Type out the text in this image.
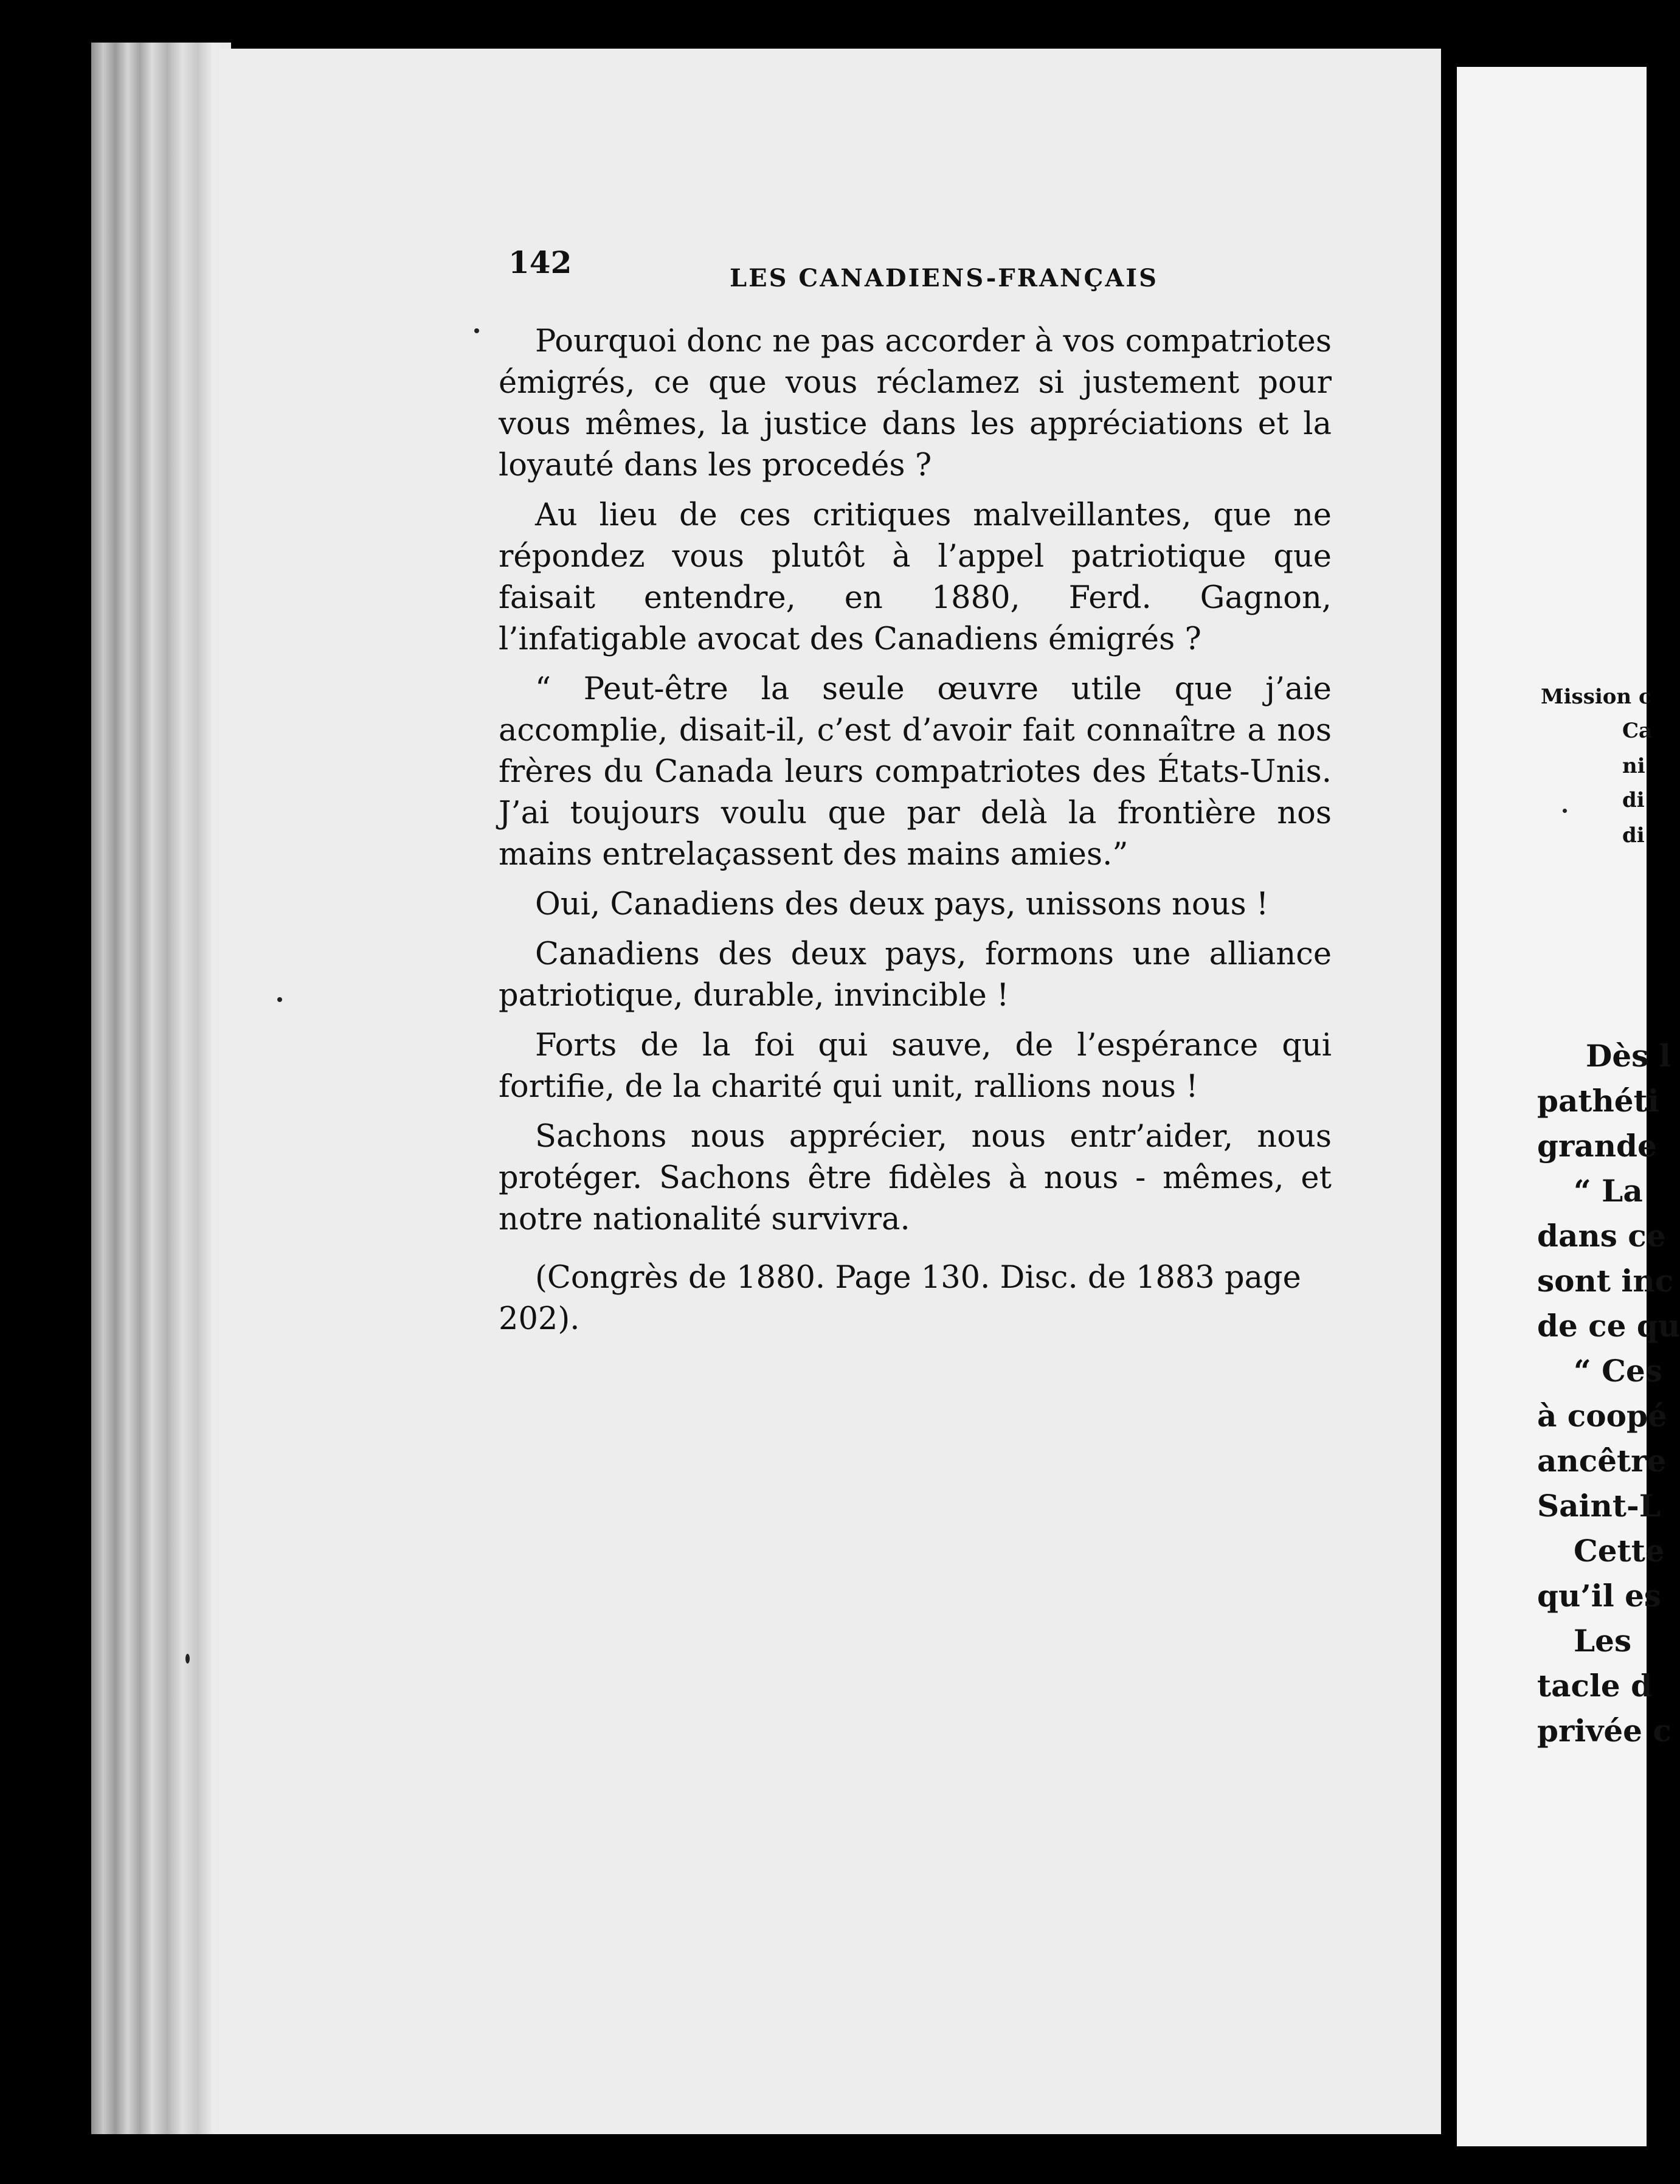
Mission c
Ca
ni
di
di
Dès l
pathéti
grande
“ La
dans ce
sont inc
de ce qu
“ Ces
à coopé
ancêtre
Saint-L
Cette
qu’il es
Les
tacle d
privée c
142	LES CANADIENS-FRANÇAIS

Pourquoi donc ne pas accorder à vos compatriotes émigrés, ce que vous réclamez si justement pour vous mêmes, la justice dans les appréciations et la loyauté dans les procedés ?

Au lieu de ces critiques malveillantes, que ne répondez vous plutôt à l’appel patriotique que faisait entendre, en 1880, Ferd. Gagnon, l’infatigable avocat des Canadiens émigrés ?

“ Peut-être la seule œuvre utile que j’aie accomplie, disait-il, c’est d’avoir fait connaître a nos frères du Canada leurs compatriotes des États-Unis. J’ai toujours voulu que par delà la frontière nos mains entrelaçassent des mains amies.”

Oui, Canadiens des deux pays, unissons nous !

Canadiens des deux pays, formons une alliance patriotique, durable, invincible !

Forts de la foi qui sauve, de l’espérance qui fortifie, de la charité qui unit, rallions nous !

Sachons nous apprécier, nous entr’aider, nous protéger. Sachons être fidèles à nous - mêmes, et notre nationalité survivra.

(Congrès de 1880. Page 130. Disc. de 1883 page 202).
